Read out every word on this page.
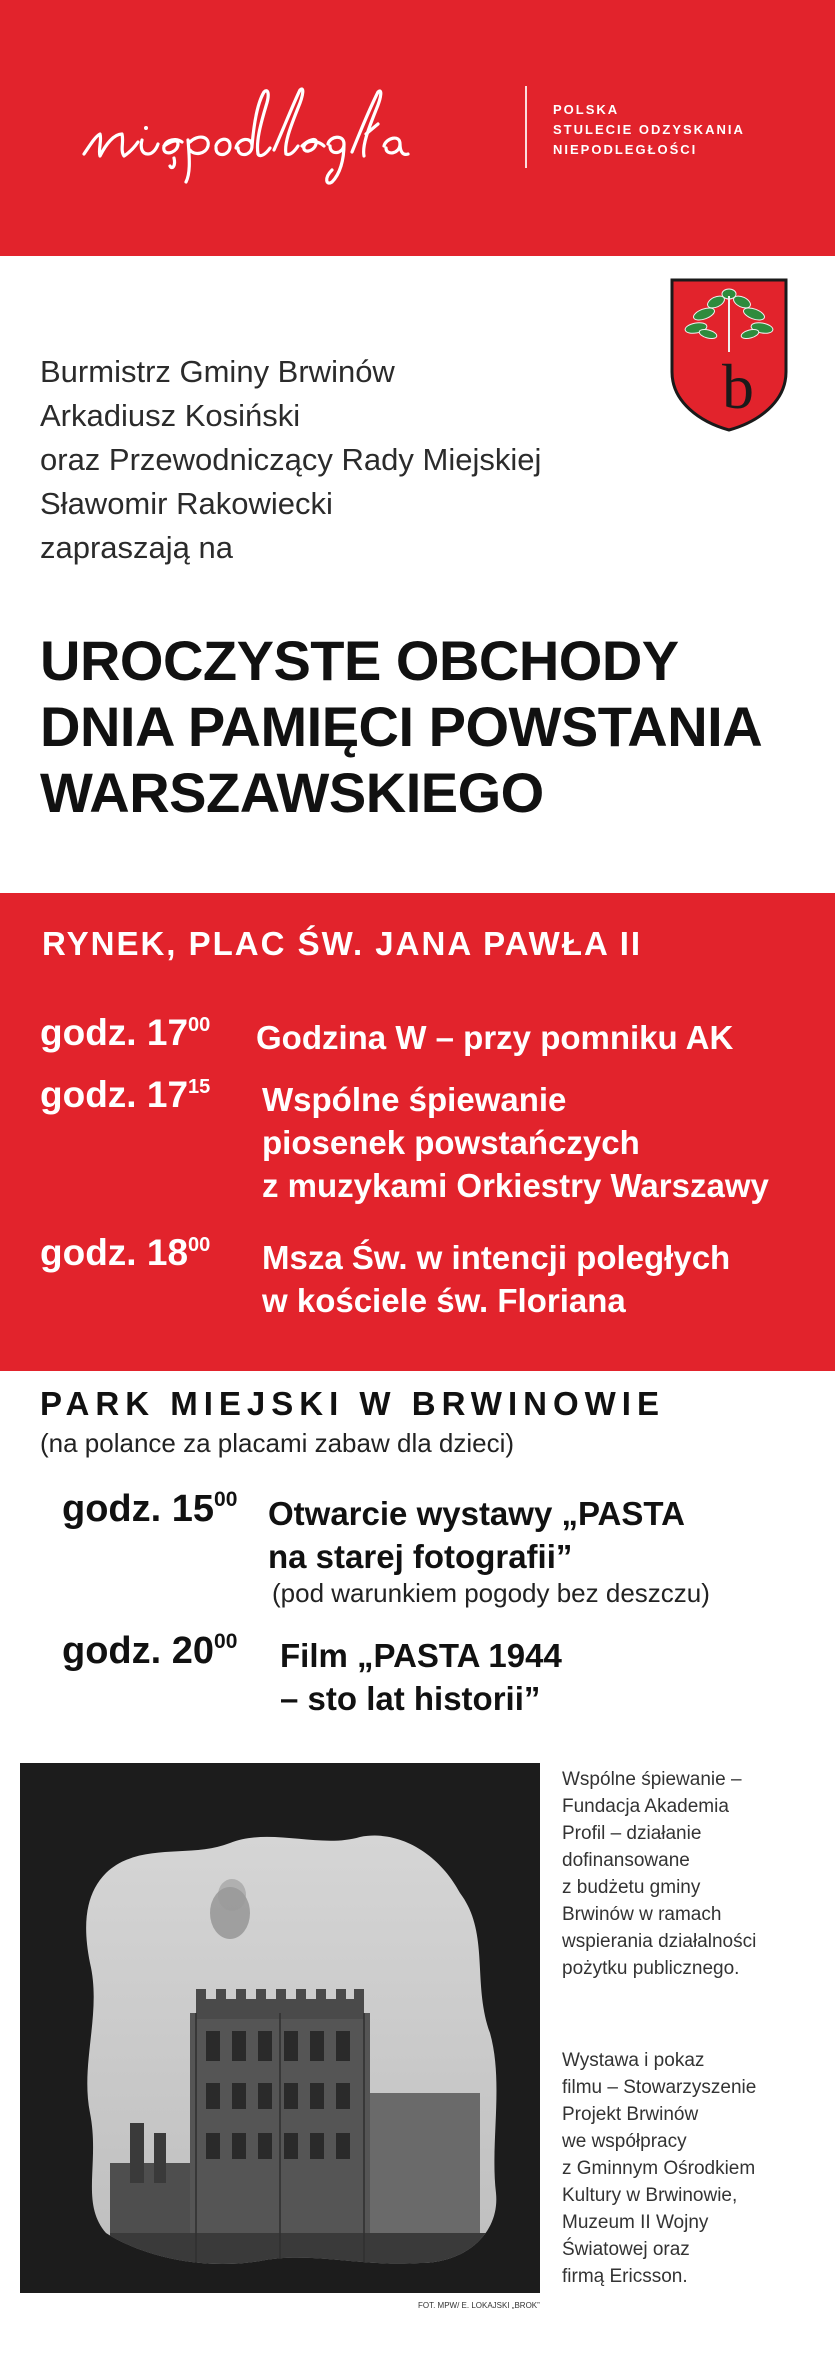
POLSKA
STULECIE ODZYSKANIA
NIEPODLEGŁOŚCI
b
Burmistrz Gminy Brwinów
Arkadiusz Kosiński
oraz Przewodniczący Rady Miejskiej
Sławomir Rakowiecki
zapraszają na
UROCZYSTE OBCHODY
DNIA PAMIĘCI POWSTANIA
WARSZAWSKIEGO
RYNEK, PLAC ŚW. JANA PAWŁA II
godz. $17^{00}$ Godzina W – przy pomniku AK
godz. $17^{15}$ Wspólne śpiewanie
piosenek powstańczych
z muzykami Orkiestry Warszawy
godz. $18^{00}$ Msza Św. w intencji poległych
w kościele św. Floriana
PARK MIEJSKI W BRWINOWIE
(na polance za placami zabaw dla dzieci)
godz. $15^{00}$ Otwarcie wystawy „PASTA
na starej fotografii”
(pod warunkiem pogody bez deszczu)
godz. $20^{00}$ Film „PASTA 1944
– sto lat historii”
FOT. MPW/ E. LOKAJSKI „BROK”
Wspólne śpiewanie –
Fundacja Akademia
Profil – działanie
dofinansowane
z budżetu gminy
Brwinów w ramach
wspierania działalności
pożytku publicznego.
Wystawa i pokaz
filmu – Stowarzyszenie
Projekt Brwinów
we współpracy
z Gminnym Ośrodkiem
Kultury w Brwinowie,
Muzeum II Wojny
Światowej oraz
firmą Ericsson.
